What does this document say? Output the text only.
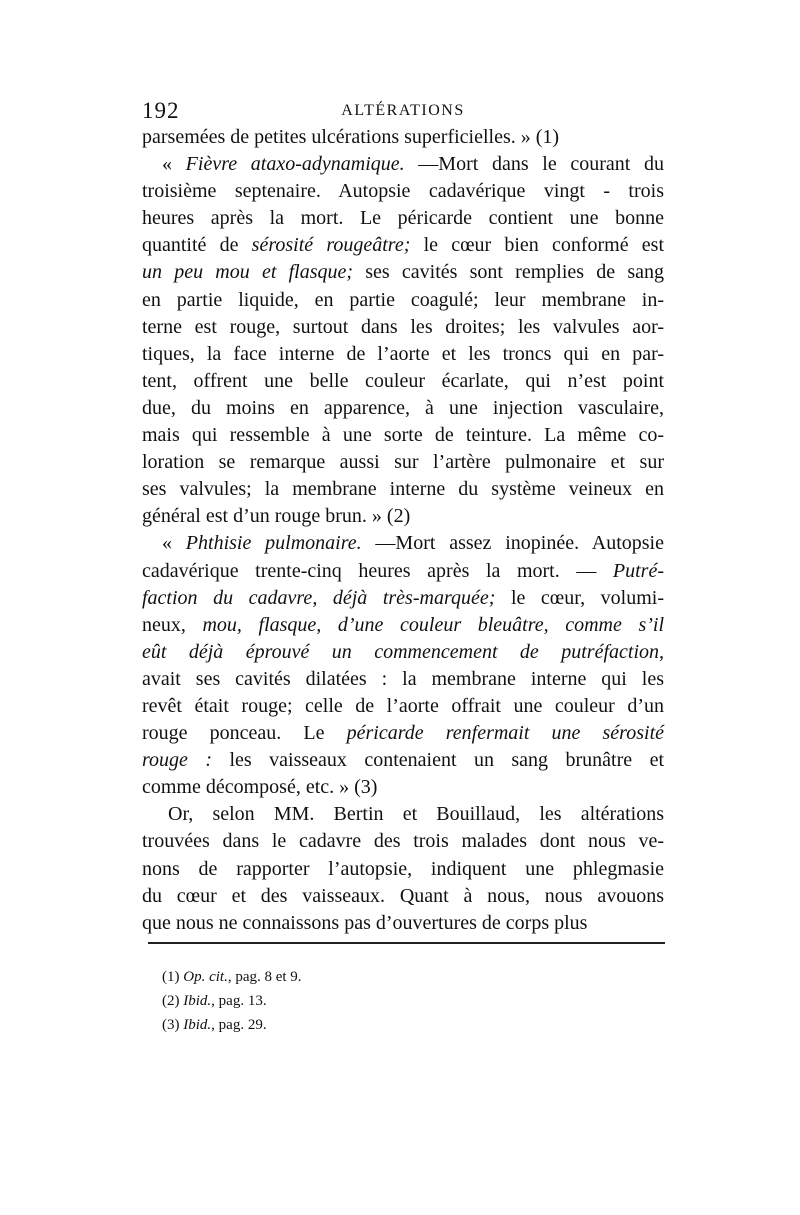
192	ALTÉRATIONS
parsemées de petites ulcérations superficielles. » (1)
« Fièvre ataxo-adynamique. —Mort dans le courant du
troisième septenaire. Autopsie cadavérique vingt - trois
heures après la mort. Le péricarde contient une bonne
quantité de sérosité rougeâtre; le cœur bien conformé est
un peu mou et flasque; ses cavités sont remplies de sang
en partie liquide, en partie coagulé; leur membrane in-
terne est rouge, surtout dans les droites; les valvules aor-
tiques, la face interne de l’aorte et les troncs qui en par-
tent, offrent une belle couleur écarlate, qui n’est point
due, du moins en apparence, à une injection vasculaire,
mais qui ressemble à une sorte de teinture. La même co-
loration se remarque aussi sur l’artère pulmonaire et sur
ses valvules; la membrane interne du système veineux en
général est d’un rouge brun. » (2)
« Phthisie pulmonaire. —Mort assez inopinée. Autopsie
cadavérique trente-cinq heures après la mort. — Putré-
faction du cadavre, déjà très-marquée; le cœur, volumi-
neux, mou, flasque, d’une couleur bleuâtre, comme s’il
eût déjà éprouvé un commencement de putréfaction,
avait ses cavités dilatées : la membrane interne qui les
revêt était rouge; celle de l’aorte offrait une couleur d’un
rouge ponceau. Le péricarde renfermait une sérosité
rouge : les vaisseaux contenaient un sang brunâtre et
comme décomposé, etc. » (3)
Or, selon MM. Bertin et Bouillaud, les altérations
trouvées dans le cadavre des trois malades dont nous ve-
nons de rapporter l’autopsie, indiquent une phlegmasie
du cœur et des vaisseaux. Quant à nous, nous avouons
que nous ne connaissons pas d’ouvertures de corps plus
(1) Op. cit., pag. 8 et 9.
(2) Ibid., pag. 13.
(3) Ibid., pag. 29.
